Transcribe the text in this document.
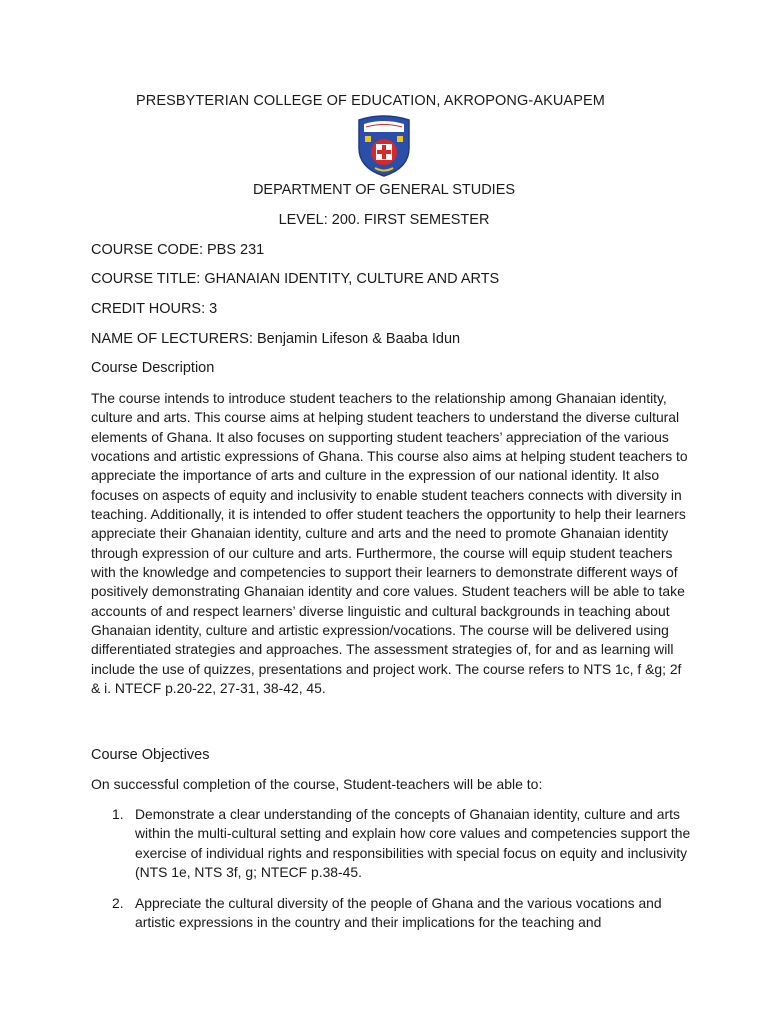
PRESBYTERIAN COLLEGE OF EDUCATION, AKROPONG-AKUAPEM
DEPARTMENT OF GENERAL STUDIES
LEVEL: 200. FIRST SEMESTER
COURSE CODE: PBS 231
COURSE TITLE: GHANAIAN IDENTITY, CULTURE AND ARTS
CREDIT HOURS: 3
NAME OF LECTURERS: Benjamin Lifeson & Baaba Idun
Course Description

The course intends to introduce student teachers to the relationship among Ghanaian identity, culture and arts. This course aims at helping student teachers to understand the diverse cultural elements of Ghana. It also focuses on supporting student teachers’ appreciation of the various vocations and artistic expressions of Ghana. This course also aims at helping student teachers to appreciate the importance of arts and culture in the expression of our national identity. It also focuses on aspects of equity and inclusivity to enable student teachers connects with diversity in teaching. Additionally, it is intended to offer student teachers the opportunity to help their learners appreciate their Ghanaian identity, culture and arts and the need to promote Ghanaian identity through expression of our culture and arts. Furthermore, the course will equip student teachers with the knowledge and competencies to support their learners to demonstrate different ways of positively demonstrating Ghanaian identity and core values. Student teachers will be able to take accounts of and respect learners’ diverse linguistic and cultural backgrounds in teaching about Ghanaian identity, culture and artistic expression/vocations. The course will be delivered using differentiated strategies and approaches. The assessment strategies of, for and as learning will include the use of quizzes, presentations and project work. The course refers to NTS 1c, f &g; 2f & i. NTECF p.20-22, 27-31, 38-42, 45.

Course Objectives

On successful completion of the course, Student-teachers will be able to:

1. Demonstrate a clear understanding of the concepts of Ghanaian identity, culture and arts within the multi-cultural setting and explain how core values and competencies support the exercise of individual rights and responsibilities with special focus on equity and inclusivity (NTS 1e, NTS 3f, g; NTECF p.38-45.
2. Appreciate the cultural diversity of the people of Ghana and the various vocations and artistic expressions in the country and their implications for the teaching and
